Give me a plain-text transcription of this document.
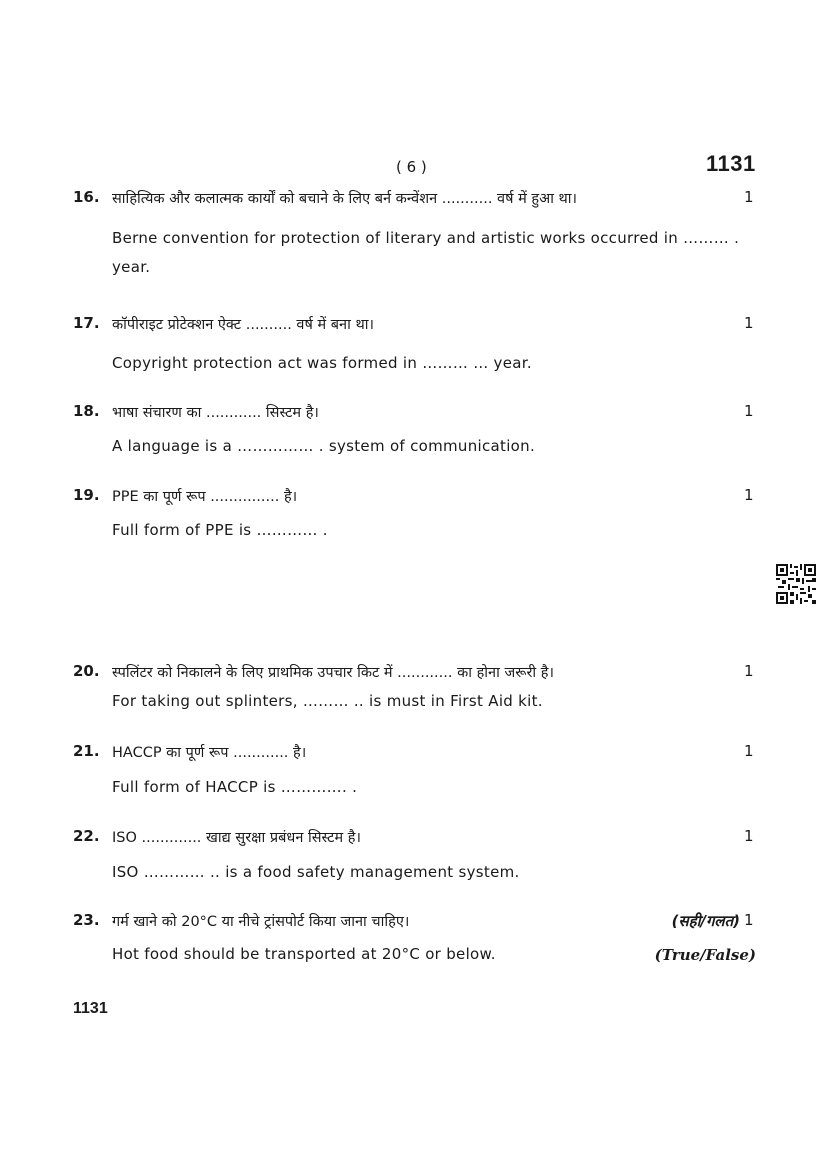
( 6 )	1131
16. साहित्यिक और कलात्मक कार्यों को बचाने के लिए बर्न कन्वेंशन ........... वर्ष में हुआ था।	1
Berne convention for protection of literary and artistic works occurred in ……… .
year.
17. कॉपीराइट प्रोटेक्शन ऐक्ट .......... वर्ष में बना था।	1
Copyright protection act was formed in ……… … year.
18. भाषा संचारण का ............ सिस्टम है।	1
A language is a …………… . system of communication.
19. PPE का पूर्ण रूप ............... है।	1
Full form of PPE is ………… .
20. स्पलिंटर को निकालने के लिए प्राथमिक उपचार किट में ............ का होना जरूरी है।	1
For taking out splinters, ……… .. is must in First Aid kit.
21. HACCP का पूर्ण रूप ............ है।	1
Full form of HACCP is …………. .
22. ISO ............. खाद्य सुरक्षा प्रबंधन सिस्टम है।	1
ISO ………… .. is a food safety management system.
23. गर्म खाने को 20°C या नीचे ट्रांसपोर्ट किया जाना चाहिए।	(सही/गलत) 1
Hot food should be transported at 20°C or below.	(True/False)
1131
